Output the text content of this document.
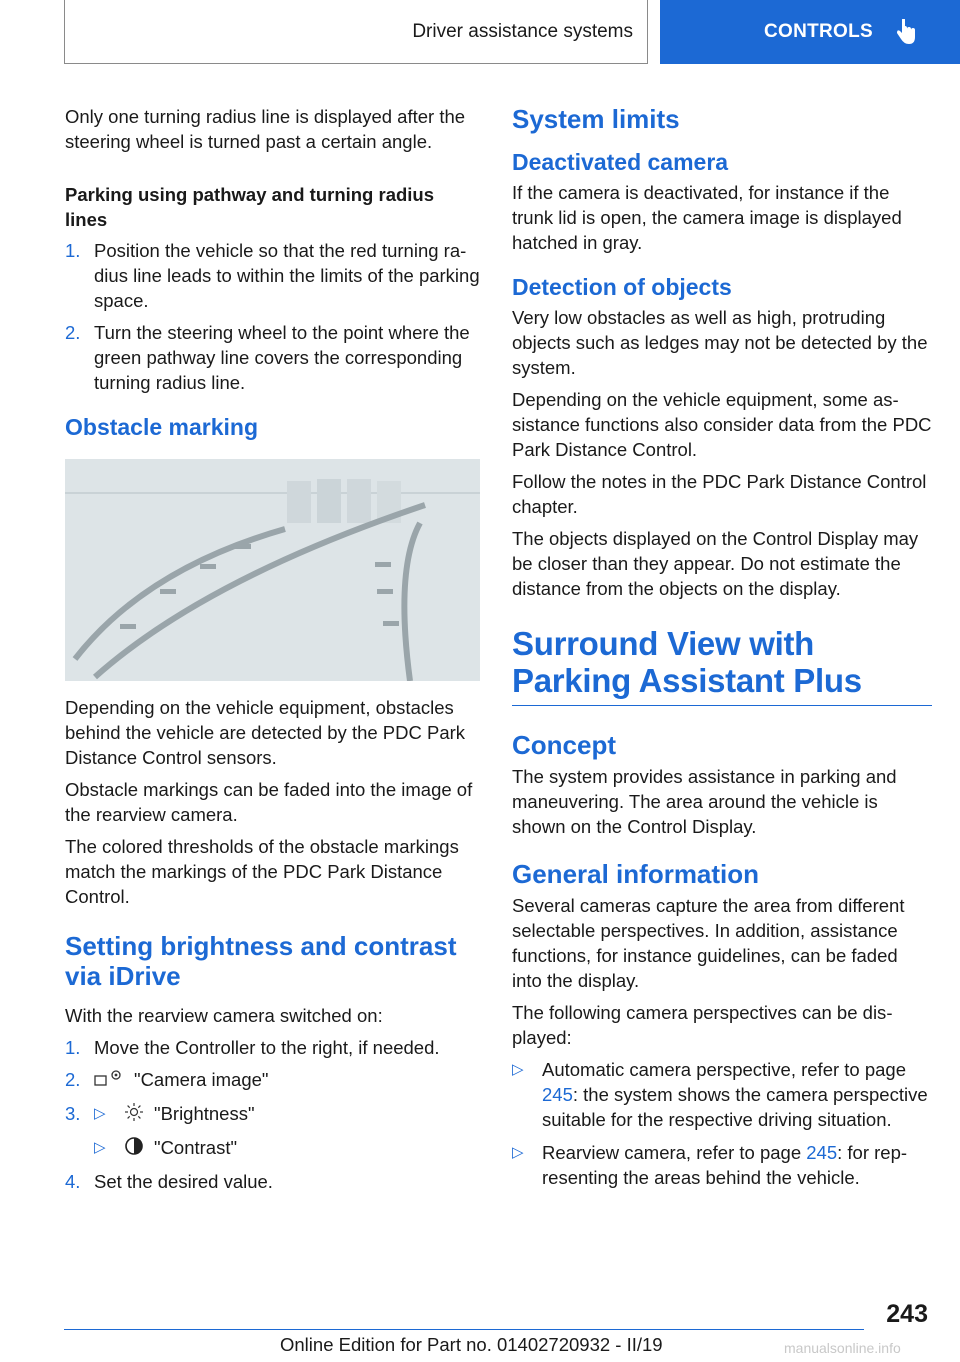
Driver assistance systems	CONTROLS

Only one turning radius line is displayed after the steering wheel is turned past a certain angle.

Parking using pathway and turning radius lines
1. Position the vehicle so that the red turning radius line leads to within the limits of the parking space.
2. Turn the steering wheel to the point where the green pathway line covers the corresponding turning radius line.
Obstacle marking

Depending on the vehicle equipment, obstacles behind the vehicle are detected by the PDC Park Distance Control sensors.

Obstacle markings can be faded into the image of the rearview camera.

The colored thresholds of the obstacle markings match the markings of the PDC Park Distance Control.

Setting brightness and contrast via iDrive

With the rearview camera switched on:

1. Move the Controller to the right, if needed.
2.	"Camera image"
3. ▷	"Brightness"
▷	"Contrast"
4. Set the desired value.
System limits
Deactivated camera

If the camera is deactivated, for instance if the trunk lid is open, the camera image is displayed hatched in gray.

Detection of objects

Very low obstacles as well as high, protruding objects such as ledges may not be detected by the system.

Depending on the vehicle equipment, some assistance functions also consider data from the PDC Park Distance Control.

Follow the notes in the PDC Park Distance Control chapter.

The objects displayed on the Control Display may be closer than they appear. Do not estimate the distance from the objects on the display.

Surround View with Parking Assistant Plus
Concept

The system provides assistance in parking and maneuvering. The area around the vehicle is shown on the Control Display.

General information

Several cameras capture the area from different selectable perspectives. In addition, assistance functions, for instance guidelines, can be faded into the display.

The following camera perspectives can be displayed:

▷ Automatic camera perspective, refer to page 245: the system shows the camera perspective suitable for the respective driving situation.
▷ Rearview camera, refer to page 245: for representing the areas behind the vehicle.
243
Online Edition for Part no. 01402720932 - II/19	manualsonline.info
